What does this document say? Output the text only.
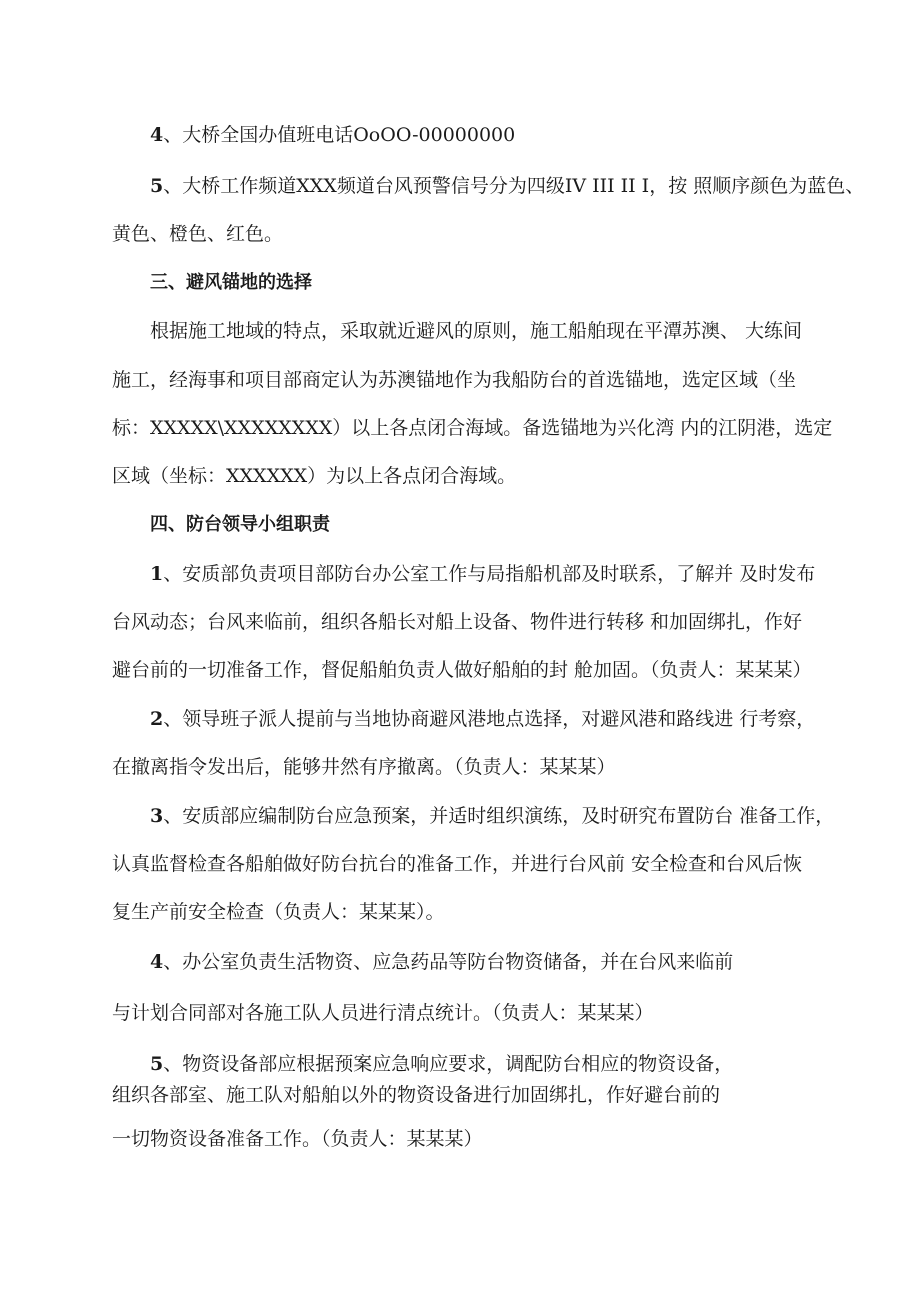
4、大桥全国办值班电话OoOO-00000000

5、大桥工作频道XXX频道台风预警信号分为四级IV III II I，按 照顺序颜色为蓝色、

黄色、橙色、红色。

三、避风锚地的选择

根据施工地域的特点，采取就近避风的原则，施工船舶现在平潭苏澳、 大练间

施工，经海事和项目部商定认为苏澳锚地作为我船防台的首选锚地，选定区域（坐

标：XXXXX\XXXXXXXX）以上各点闭合海域。备选锚地为兴化湾 内的江阴港，选定

区域（坐标：XXXXXX）为以上各点闭合海域。

四、防台领导小组职责

1、安质部负责项目部防台办公室工作与局指船机部及时联系，了解并 及时发布

台风动态；台风来临前，组织各船长对船上设备、物件进行转移 和加固绑扎，作好

避台前的一切准备工作，督促船舶负责人做好船舶的封 舱加固。（负责人：某某某）

2、领导班子派人提前与当地协商避风港地点选择，对避风港和路线进 行考察，

在撤离指令发出后，能够井然有序撤离。（负责人：某某某）

3、安质部应编制防台应急预案，并适时组织演练，及时研究布置防台 准备工作，

认真监督检查各船舶做好防台抗台的准备工作，并进行台风前 安全检查和台风后恢

复生产前安全检查（负责人：某某某）。

4、办公室负责生活物资、应急药品等防台物资储备，并在台风来临前

与计划合同部对各施工队人员进行清点统计。（负责人：某某某）

5、物资设备部应根据预案应急响应要求，调配防台相应的物资设备，

组织各部室、施工队对船舶以外的物资设备进行加固绑扎，作好避台前的

一切物资设备准备工作。（负责人：某某某）
